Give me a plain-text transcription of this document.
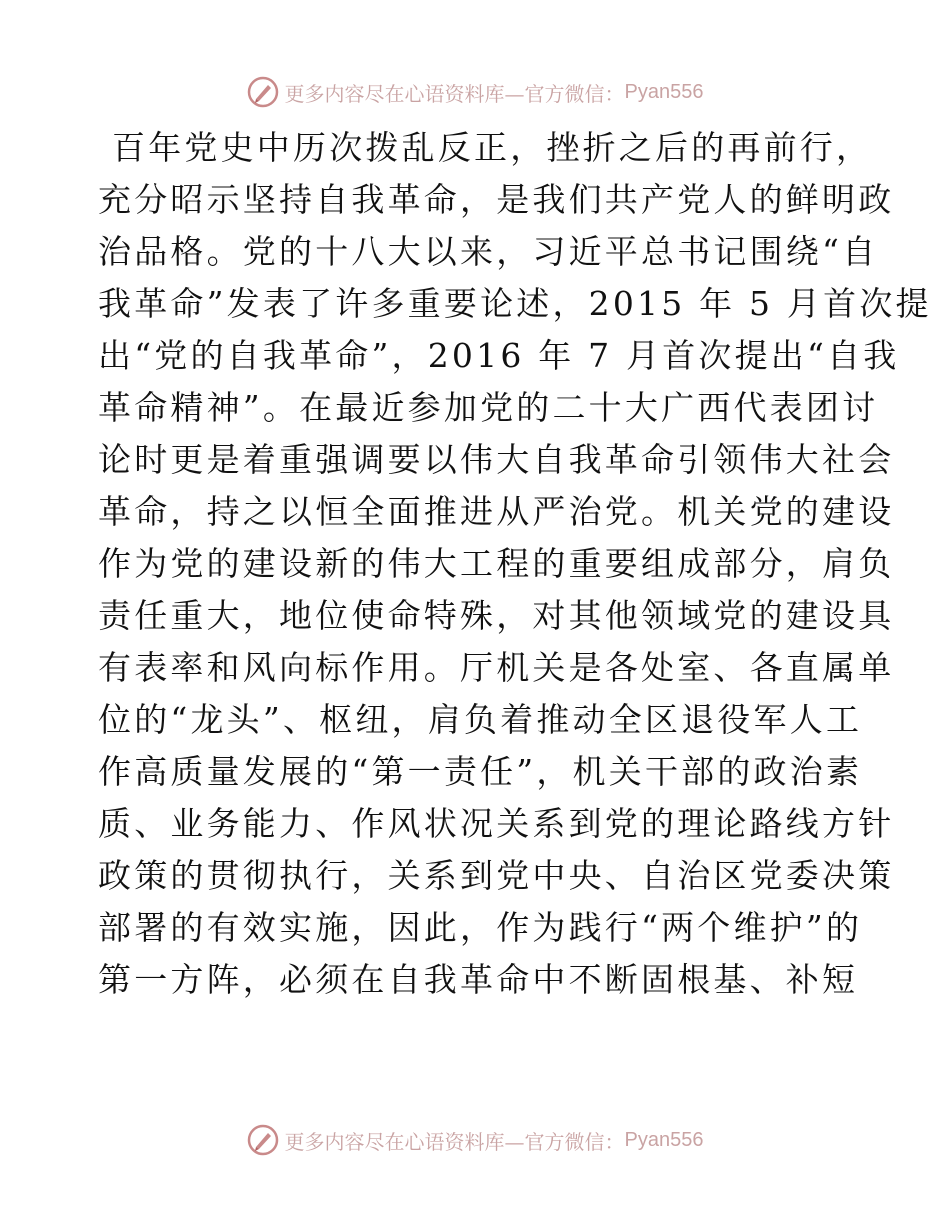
更多内容尽在心语资料库—官方微信： Pyan556
百年党史中历次拨乱反正，挫折之后的再前行，
充分昭示坚持自我革命，是我们共产党人的鲜明政
治品格。党的十八大以来，习近平总书记围绕“自
我革命”发表了许多重要论述，2015 年 5 月首次提
出“党的自我革命”，2016 年 7 月首次提出“自我
革命精神”。在最近参加党的二十大广西代表团讨
论时更是着重强调要以伟大自我革命引领伟大社会
革命，持之以恒全面推进从严治党。机关党的建设
作为党的建设新的伟大工程的重要组成部分，肩负
责任重大，地位使命特殊，对其他领域党的建设具
有表率和风向标作用。厅机关是各处室、各直属单
位的“龙头”、枢纽，肩负着推动全区退役军人工
作高质量发展的“第一责任”，机关干部的政治素
质、业务能力、作风状况关系到党的理论路线方针
政策的贯彻执行，关系到党中央、自治区党委决策
部署的有效实施，因此，作为践行“两个维护”的
第一方阵，必须在自我革命中不断固根基、补短
更多内容尽在心语资料库—官方微信： Pyan556
